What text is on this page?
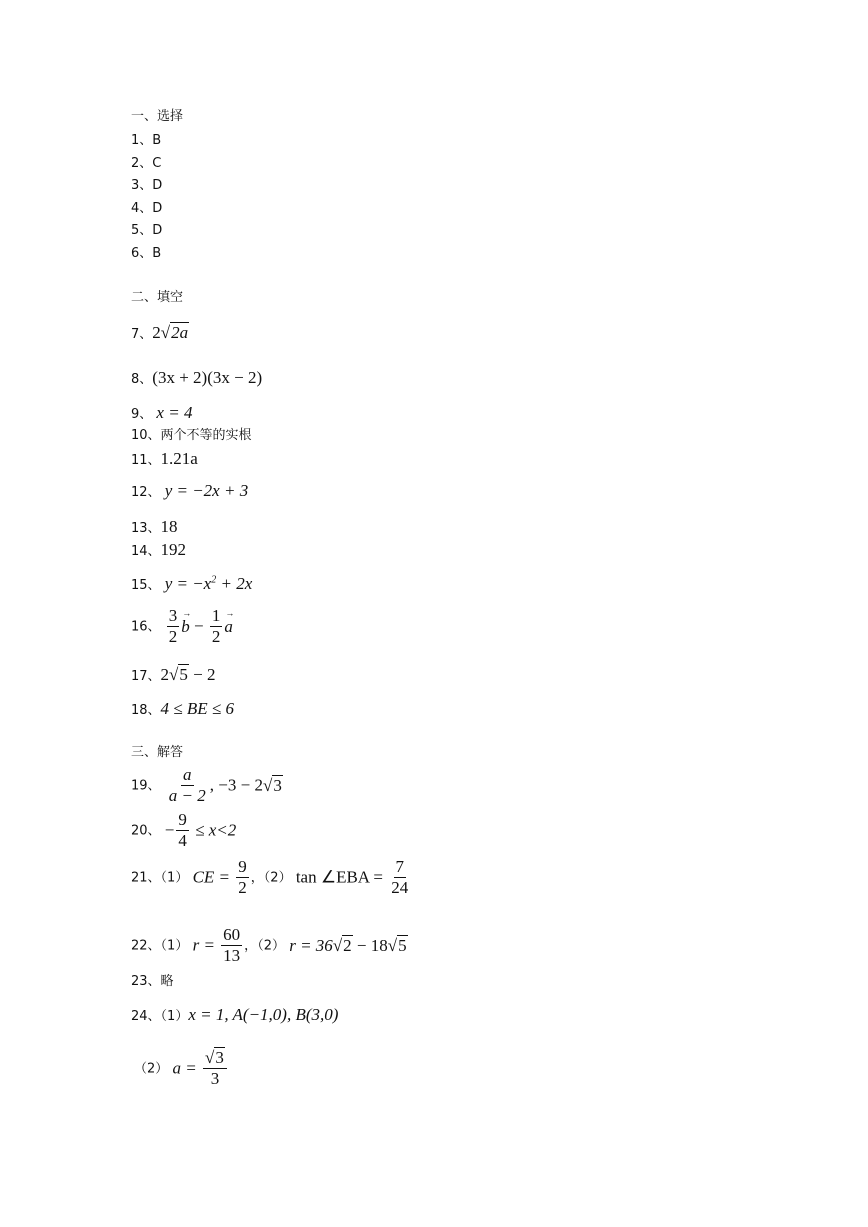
一、选择
1、B
2、C
3、D
4、D
5、D
6、B
二、填空
7、2√2a
8、(3x + 2)(3x − 2)
9、 x = 4
10、两个不等的实根
11、1.21a
12、 y = −2x + 3
13、18
14、192
15、 $y = -x^2 + 2x$
16、 $\frac{3}{2}$
→ $b - \frac{1}{2}$
→ a
17、2√5 − 2
18、4 ≤ BE ≤ 6
三、解答
19、 $\frac{a}{a - 2}$ , −3 − 2√3
20、 − $\frac{9}{4} \le x<2$
21、（1） CE = $\frac{9}{2}$ ，（2） tan ∠EBA = $\frac{7}{24}$
22、（1） $r = \frac{60}{13}$ ，（2） r = 36√2 − 18√5
23、略
24、（1）x = 1, A(−1,0), B(3,0)
（2） $a = \frac{√3}{3}$
